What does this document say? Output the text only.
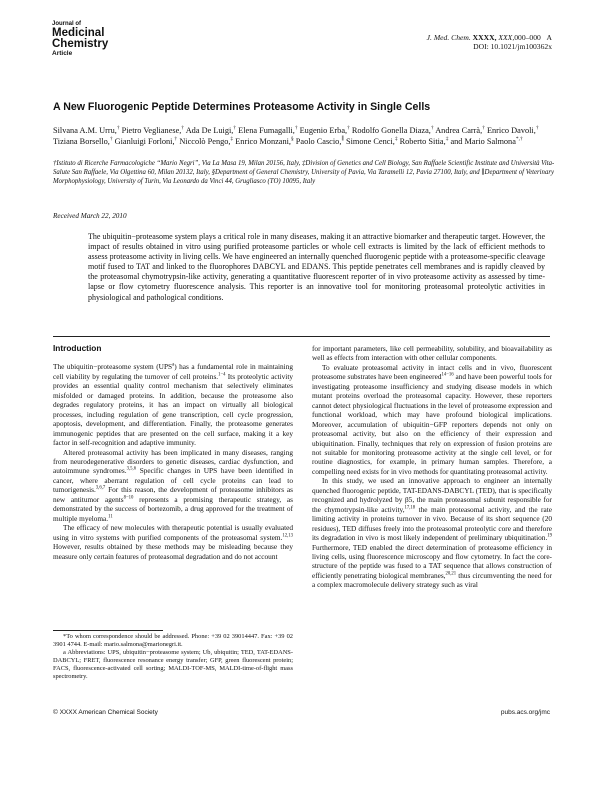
Journal of
Medicinal
Chemistry
Article
J. Med. Chem. XXXX, XXX,000–000 A
DOI: 10.1021/jm100362x
A New Fluorogenic Peptide Determines Proteasome Activity in Single Cells
Silvana A.M. Urru,† Pietro Veglianese,† Ada De Luigi,† Elena Fumagalli,† Eugenio Erba,† Rodolfo Gonella Diaza,† Andrea Carrà,† Enrico Davoli,† Tiziana Borsello,† Gianluigi Forloni,† Niccolò Pengo,‡ Enrico Monzani,§ Paolo Cascio,∥ Simone Cenci,‡ Roberto Sitia,‡ and Mario Salmona*,†
†Istituto di Ricerche Farmacologiche “Mario Negri”, Via La Masa 19, Milan 20156, Italy, ‡Division of Genetics and Cell Biology, San Raffaele Scientific Institute and Università Vita-Salute San Raffaele, Via Olgettina 60, Milan 20132, Italy, §Department of General Chemistry, University of Pavia, Via Taramelli 12, Pavia 27100, Italy, and ∥Department of Veterinary Morphophysiology, University of Turin, Via Leonardo da Vinci 44, Grugliasco (TO) 10095, Italy
Received March 22, 2010
The ubiquitin−proteasome system plays a critical role in many diseases, making it an attractive biomarker and therapeutic target. However, the impact of results obtained in vitro using purified proteasome particles or whole cell extracts is limited by the lack of efficient methods to assess proteasome activity in living cells. We have engineered an internally quenched fluorogenic peptide with a proteasome-specific cleavage motif fused to TAT and linked to the fluorophores DABCYL and EDANS. This peptide penetrates cell membranes and is rapidly cleaved by the proteasomal chymotrypsin-like activity, generating a quantitative fluorescent reporter of in vivo proteasome activity as assessed by time-lapse or flow cytometry fluorescence analysis. This reporter is an innovative tool for monitoring proteasomal proteolytic activities in physiological and pathological conditions.
Introduction

The ubiquitin−proteasome system (UPS$^a$) has a fundamental role in maintaining cell viability by regulating the turnover of cell proteins.$^{1-4}$ Its proteolytic activity provides an essential quality control mechanism that selectively eliminates misfolded or damaged proteins. In addition, because the proteasome also degrades regulatory proteins, it has an impact on virtually all biological processes, including regulation of gene transcription, cell cycle progression, apoptosis, development, and differentiation. Finally, the proteasome generates immunogenic peptides that are presented on the cell surface, making it a key factor in self-recognition and adaptive immunity.

Altered proteasomal activity has been implicated in many diseases, ranging from neurodegenerative disorders to genetic diseases, cardiac dysfunction, and autoimmune syndromes.$^{3,5,6}$ Specific changes in UPS have been identified in cancer, where aberrant regulation of cell cycle proteins can lead to tumorigenesis.$^{3,6,7}$ For this reason, the development of proteasome inhibitors as new antitumor agents$^{8-10}$ represents a promising therapeutic strategy, as demonstrated by the success of bortezomib, a drug approved for the treatment of multiple myeloma.$^{11}$

The efficacy of new molecules with therapeutic potential is usually evaluated using in vitro systems with purified components of the proteasomal system.$^{12,13}$ However, results obtained by these methods may be misleading because they measure only certain features of proteasomal degradation and do not account

for important parameters, like cell permeability, solubility, and bioavailability as well as effects from interaction with other cellular components.

To evaluate proteasomal activity in intact cells and in vivo, fluorescent proteasome substrates have been engineered$^{14-16}$ and have been powerful tools for investigating proteasome insufficiency and studying disease models in which mutant proteins overload the proteasomal capacity. However, these reporters cannot detect physiological fluctuations in the level of proteasome expression and functional workload, which may have profound biological implications. Moreover, accumulation of ubiquitin−GFP reporters depends not only on proteasomal activity, but also on the efficiency of their expression and ubiquitination. Finally, techniques that rely on expression of fusion proteins are not suitable for monitoring proteasome activity at the single cell level, or for routine diagnostics, for example, in primary human samples. Therefore, a compelling need exists for in vivo methods for quantitating proteasomal activity.

In this study, we used an innovative approach to engineer an internally quenched fluorogenic peptide, TAT-EDANS-DABCYL (TED), that is specifically recognized and hydrolyzed by β5, the main proteasomal subunit responsible for the chymotrypsin-like activity,$^{17,18}$ the main proteasomal activity, and the rate limiting activity in proteins turnover in vivo. Because of its short sequence (20 residues), TED diffuses freely into the proteasomal proteolytic core and therefore its degradation in vivo is most likely independent of preliminary ubiquitination.$^{19}$ Furthermore, TED enabled the direct determination of proteasome efficiency in living cells, using fluorescence microscopy and flow cytometry. In fact the core-structure of the peptide was fused to a TAT sequence that allows construction of efficiently penetrating biological membranes,$^{20,21}$ thus circumventing the need for a complex macromolecule delivery strategy such as viral

*To whom correspondence should be addressed. Phone: +39 02 39014447. Fax: +39 02 3901 4744. E-mail: mario.salmona@marionegri.it.

a Abbreviations: UPS, ubiquitin−proteasome system; Ub, ubiquitin; TED, TAT-EDANS-DABCYL; FRET, fluorescence resonance energy transfer; GFP, green fluorescent protein; FACS, fluorescence-activated cell sorting; MALDI-TOF-MS, MALDI-time-of-flight mass spectrometry.

© XXXX American Chemical Society	pubs.acs.org/jmc
